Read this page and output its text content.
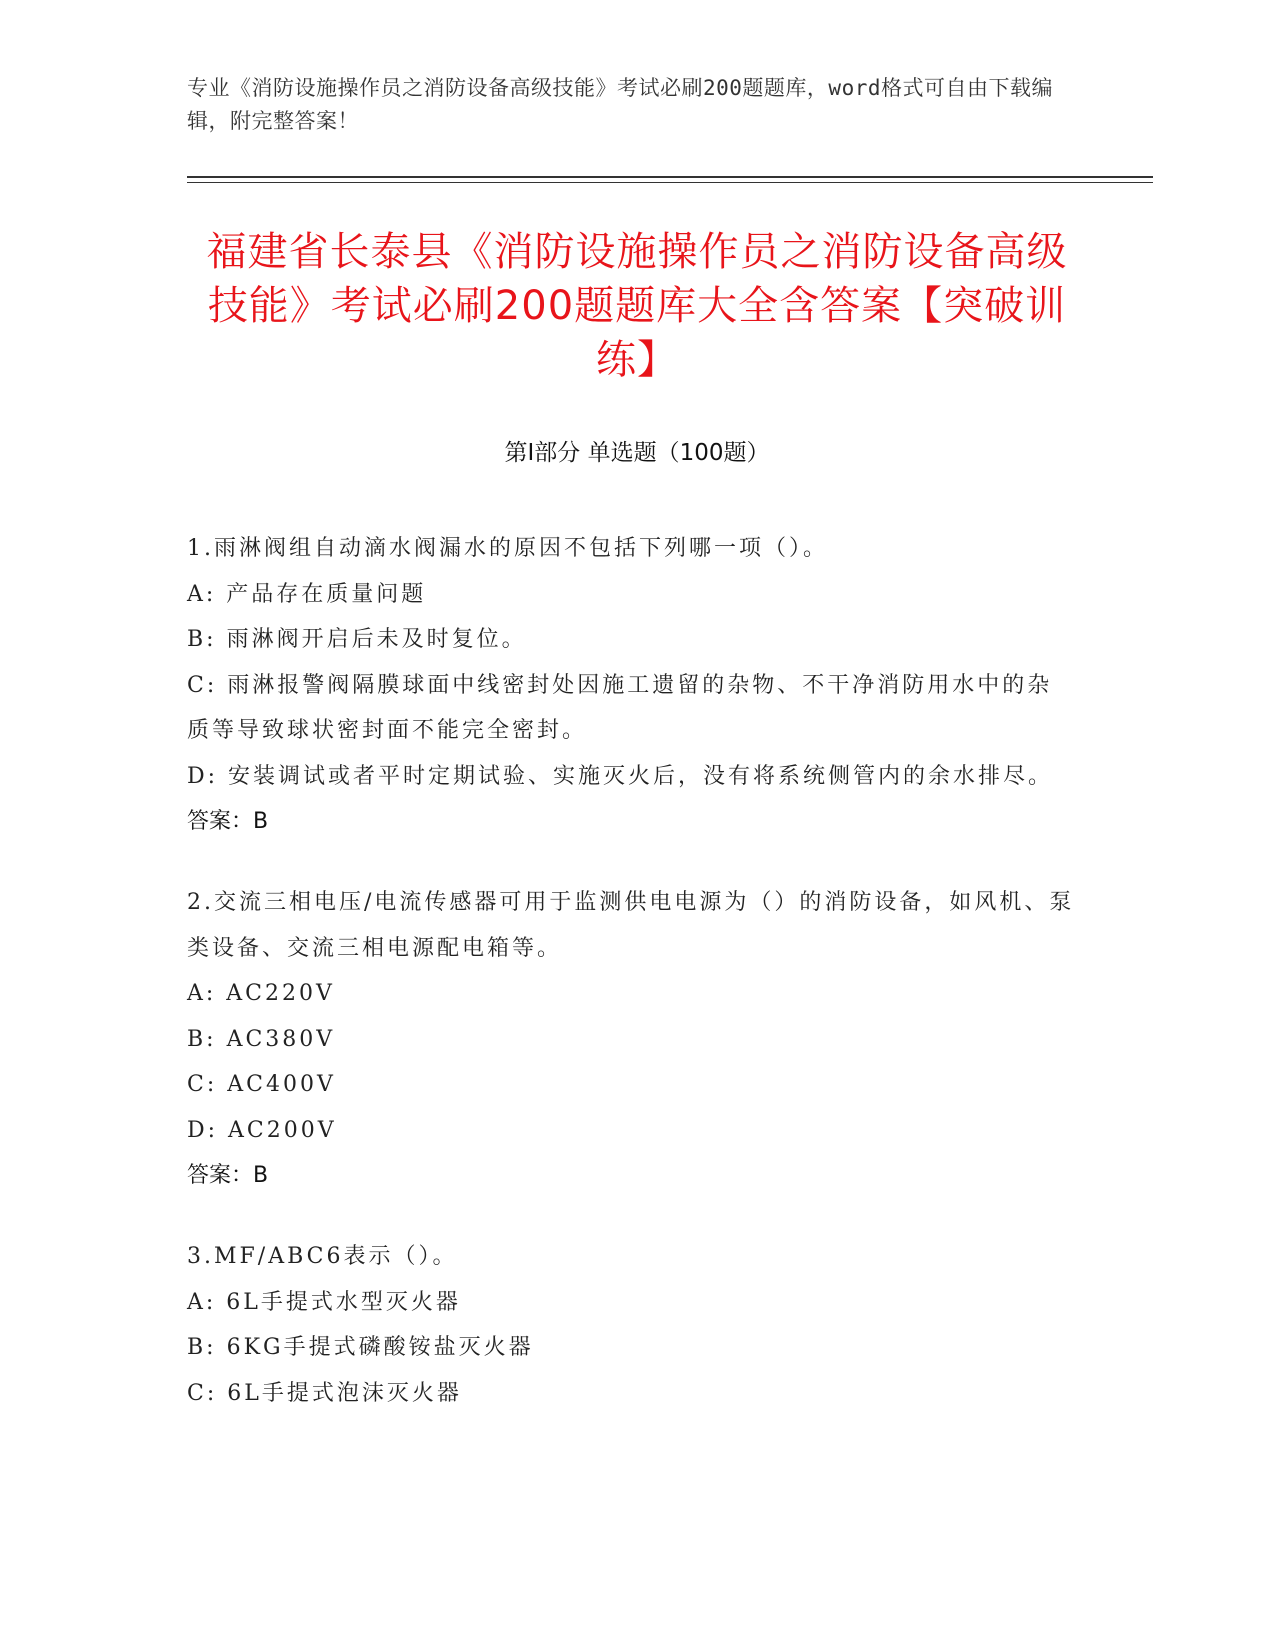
专业《消防设施操作员之消防设备高级技能》考试必刷200题题库，word格式可自由下载编辑，附完整答案！
福建省长泰县《消防设施操作员之消防设备高级技能》考试必刷200题题库大全含答案【突破训练】
第I部分 单选题（100题）

1.雨淋阀组自动滴水阀漏水的原因不包括下列哪一项（）。

A: 产品存在质量问题

B: 雨淋阀开启后未及时复位。

C: 雨淋报警阀隔膜球面中线密封处因施工遗留的杂物、不干净消防用水中的杂质等导致球状密封面不能完全密封。

D: 安装调试或者平时定期试验、实施灭火后，没有将系统侧管内的余水排尽。

答案：B

2.交流三相电压/电流传感器可用于监测供电电源为（）的消防设备，如风机、泵类设备、交流三相电源配电箱等。

A: AC220V

B: AC380V

C: AC400V

D: AC200V

答案：B

3.MF/ABC6表示（）。

A: 6L手提式水型灭火器

B: 6KG手提式磷酸铵盐灭火器

C: 6L手提式泡沫灭火器
